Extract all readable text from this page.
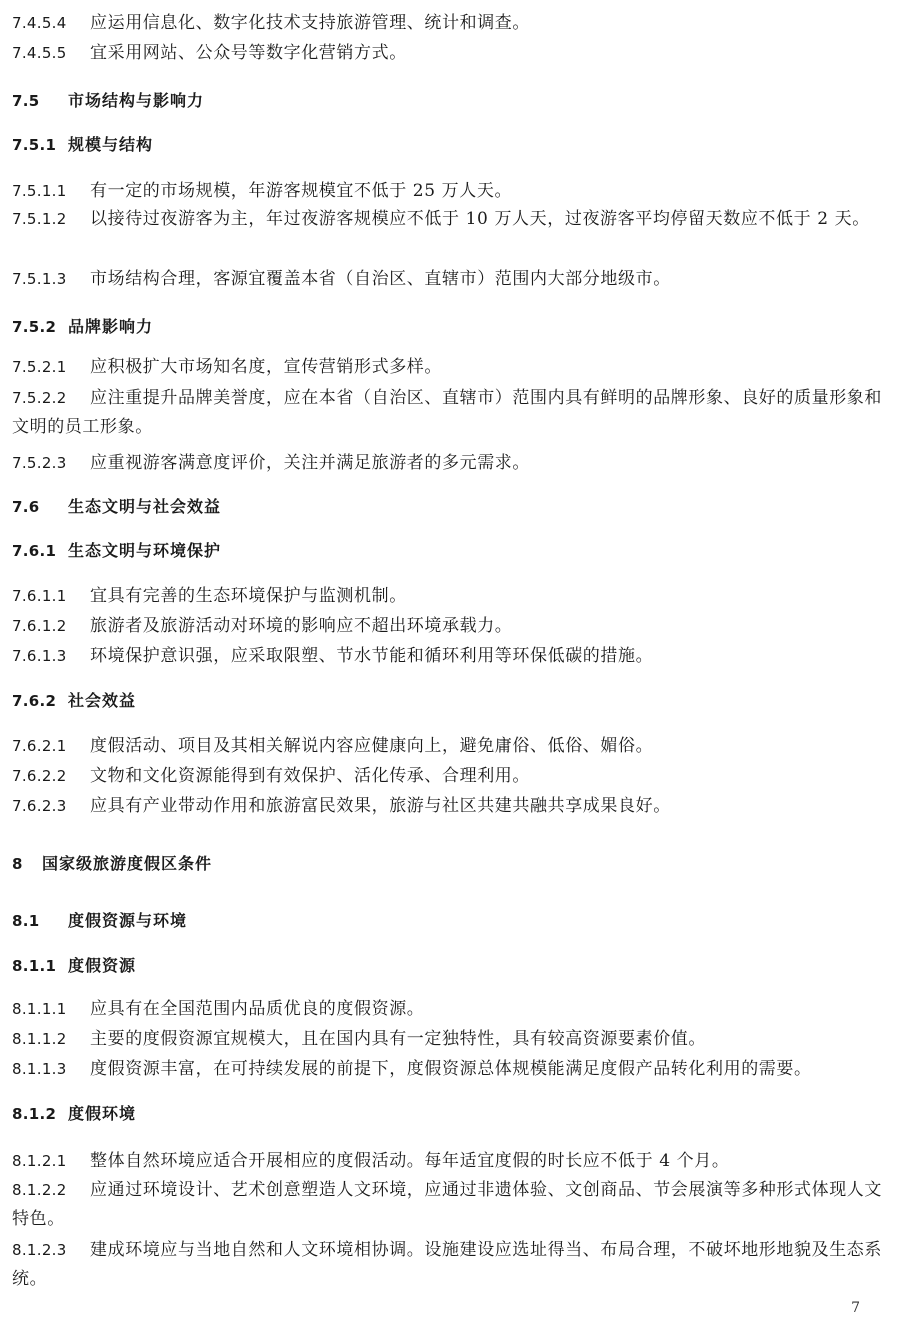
7.4.5.4 应运用信息化、数字化技术支持旅游管理、统计和调查。
7.4.5.5 宜采用网站、公众号等数字化营销方式。
7.5 市场结构与影响力
7.5.1 规模与结构
7.5.1.1 有一定的市场规模，年游客规模宜不低于 25 万人天。
7.5.1.2 以接待过夜游客为主，年过夜游客规模应不低于 10 万人天，过夜游客平均停留天数应不低于 2 天。
7.5.1.3 市场结构合理，客源宜覆盖本省（自治区、直辖市）范围内大部分地级市。
7.5.2 品牌影响力
7.5.2.1 应积极扩大市场知名度，宣传营销形式多样。
7.5.2.2 应注重提升品牌美誉度，应在本省（自治区、直辖市）范围内具有鲜明的品牌形象、良好的质量形象和文明的员工形象。
7.5.2.3 应重视游客满意度评价，关注并满足旅游者的多元需求。
7.6 生态文明与社会效益
7.6.1 生态文明与环境保护
7.6.1.1 宜具有完善的生态环境保护与监测机制。
7.6.1.2 旅游者及旅游活动对环境的影响应不超出环境承载力。
7.6.1.3 环境保护意识强，应采取限塑、节水节能和循环利用等环保低碳的措施。
7.6.2 社会效益
7.6.2.1 度假活动、项目及其相关解说内容应健康向上，避免庸俗、低俗、媚俗。
7.6.2.2 文物和文化资源能得到有效保护、活化传承、合理利用。
7.6.2.3 应具有产业带动作用和旅游富民效果，旅游与社区共建共融共享成果良好。
8 国家级旅游度假区条件
8.1 度假资源与环境
8.1.1 度假资源
8.1.1.1 应具有在全国范围内品质优良的度假资源。
8.1.1.2 主要的度假资源宜规模大，且在国内具有一定独特性，具有较高资源要素价值。
8.1.1.3 度假资源丰富，在可持续发展的前提下，度假资源总体规模能满足度假产品转化利用的需要。
8.1.2 度假环境
8.1.2.1 整体自然环境应适合开展相应的度假活动。每年适宜度假的时长应不低于 4 个月。
8.1.2.2 应通过环境设计、艺术创意塑造人文环境，应通过非遗体验、文创商品、节会展演等多种形式体现人文特色。
8.1.2.3 建成环境应与当地自然和人文环境相协调。设施建设应选址得当、布局合理，不破坏地形地貌及生态系统。
7
